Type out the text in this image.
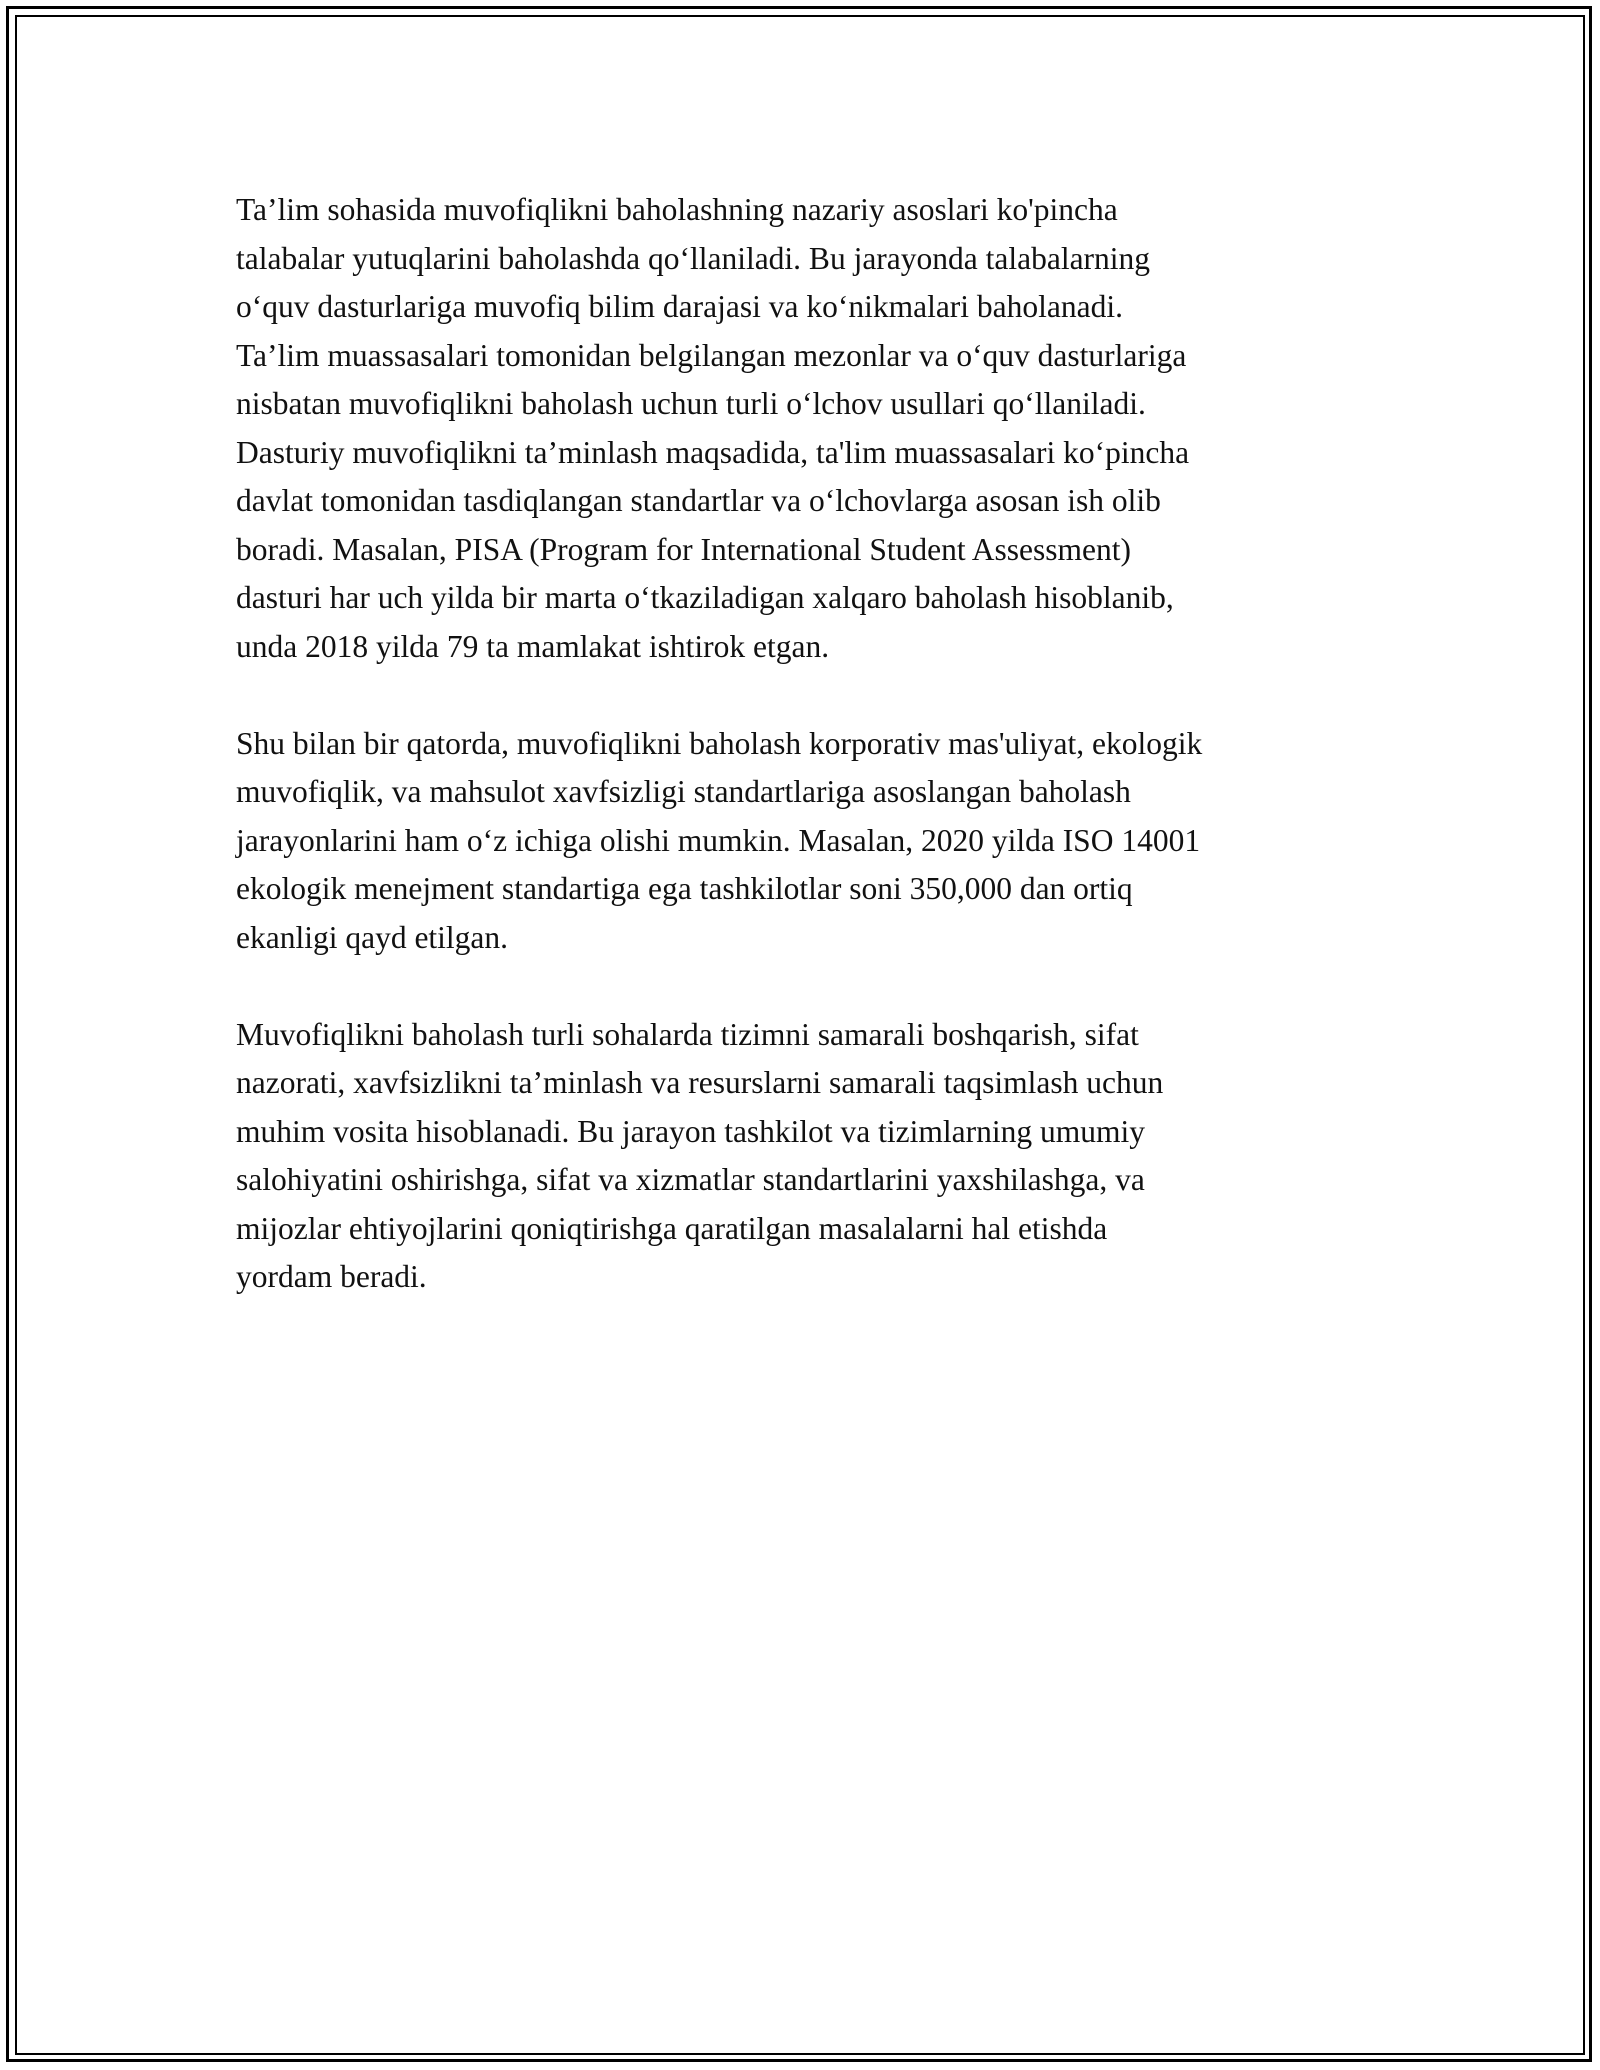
Ta’lim sohasida muvofiqlikni baholashning nazariy asoslari ko'pincha
talabalar yutuqlarini baholashda qo‘llaniladi. Bu jarayonda talabalarning
o‘quv dasturlariga muvofiq bilim darajasi va ko‘nikmalari baholanadi.
Ta’lim muassasalari tomonidan belgilangan mezonlar va o‘quv dasturlariga
nisbatan muvofiqlikni baholash uchun turli o‘lchov usullari qo‘llaniladi.
Dasturiy muvofiqlikni ta’minlash maqsadida, ta'lim muassasalari ko‘pincha
davlat tomonidan tasdiqlangan standartlar va o‘lchovlarga asosan ish olib
boradi. Masalan, PISA (Program for International Student Assessment)
dasturi har uch yilda bir marta o‘tkaziladigan xalqaro baholash hisoblanib,
unda 2018 yilda 79 ta mamlakat ishtirok etgan.

Shu bilan bir qatorda, muvofiqlikni baholash korporativ mas'uliyat, ekologik
muvofiqlik, va mahsulot xavfsizligi standartlariga asoslangan baholash
jarayonlarini ham o‘z ichiga olishi mumkin. Masalan, 2020 yilda ISO 14001
ekologik menejment standartiga ega tashkilotlar soni 350,000 dan ortiq
ekanligi qayd etilgan.

Muvofiqlikni baholash turli sohalarda tizimni samarali boshqarish, sifat
nazorati, xavfsizlikni ta’minlash va resurslarni samarali taqsimlash uchun
muhim vosita hisoblanadi. Bu jarayon tashkilot va tizimlarning umumiy
salohiyatini oshirishga, sifat va xizmatlar standartlarini yaxshilashga, va
mijozlar ehtiyojlarini qoniqtirishga qaratilgan masalalarni hal etishda
yordam beradi.
